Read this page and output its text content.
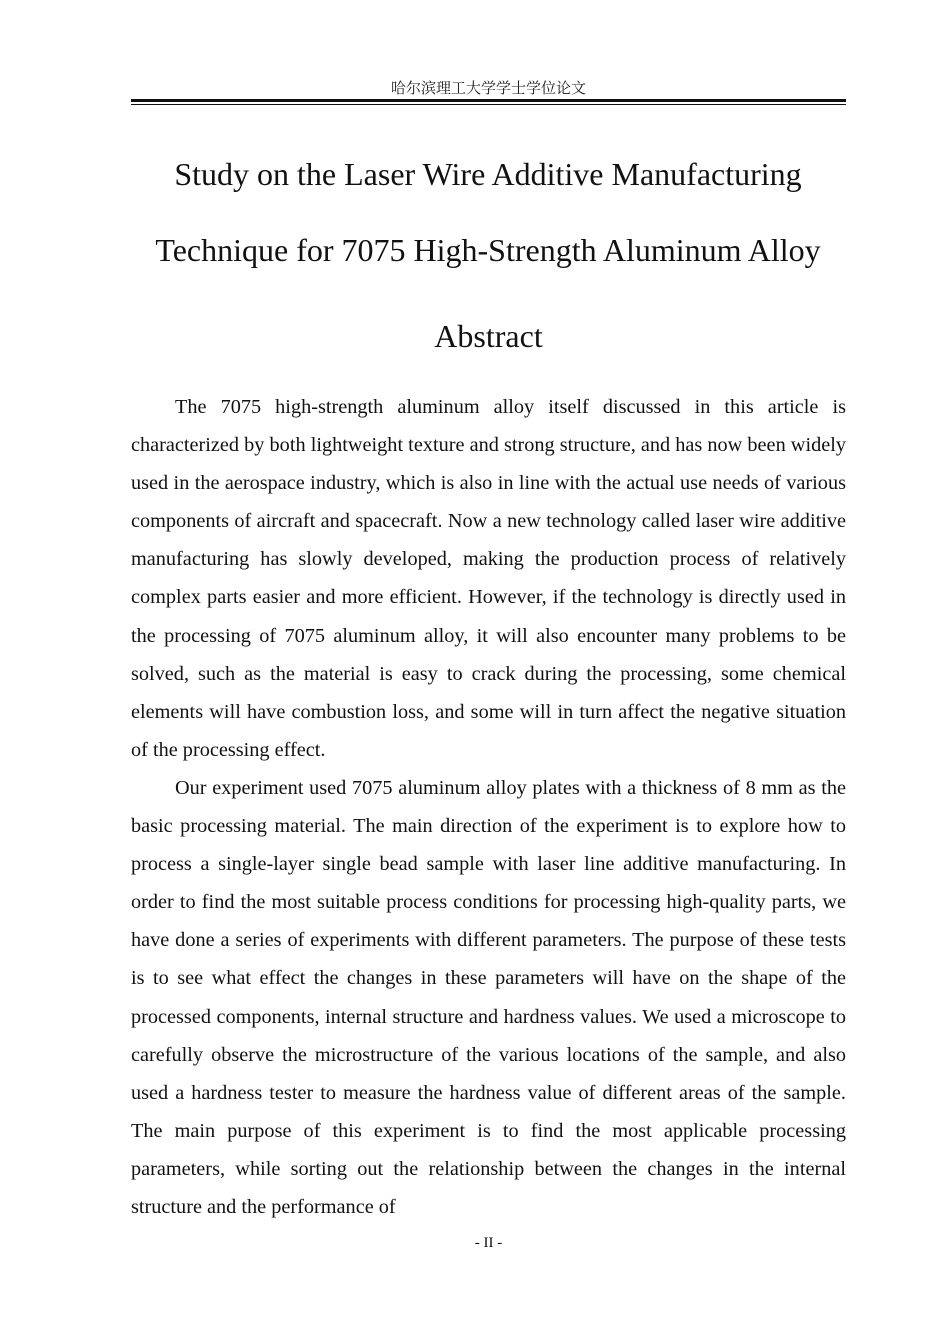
哈尔滨理工大学学士学位论文
Study on the Laser Wire Additive Manufacturing
Technique for 7075 High-Strength Aluminum Alloy
Abstract

The 7075 high-strength aluminum alloy itself discussed in this article is characterized by both lightweight texture and strong structure, and has now been widely used in the aerospace industry, which is also in line with the actual use needs of various components of aircraft and spacecraft. Now a new technology called laser wire additive manufacturing has slowly developed, making the production process of relatively complex parts easier and more efficient. However, if the technology is directly used in the processing of 7075 aluminum alloy, it will also encounter many problems to be solved, such as the material is easy to crack during the processing, some chemical elements will have combustion loss, and some will in turn affect the negative situation of the processing effect.

Our experiment used 7075 aluminum alloy plates with a thickness of 8 mm as the basic processing material. The main direction of the experiment is to explore how to process a single-layer single bead sample with laser line additive manufacturing. In order to find the most suitable process conditions for processing high-quality parts, we have done a series of experiments with different parameters. The purpose of these tests is to see what effect the changes in these parameters will have on the shape of the processed components, internal structure and hardness values. We used a microscope to carefully observe the microstructure of the various locations of the sample, and also used a hardness tester to measure the hardness value of different areas of the sample. The main purpose of this experiment is to find the most applicable processing parameters, while sorting out the relationship between the changes in the internal structure and the performance of

- II -
